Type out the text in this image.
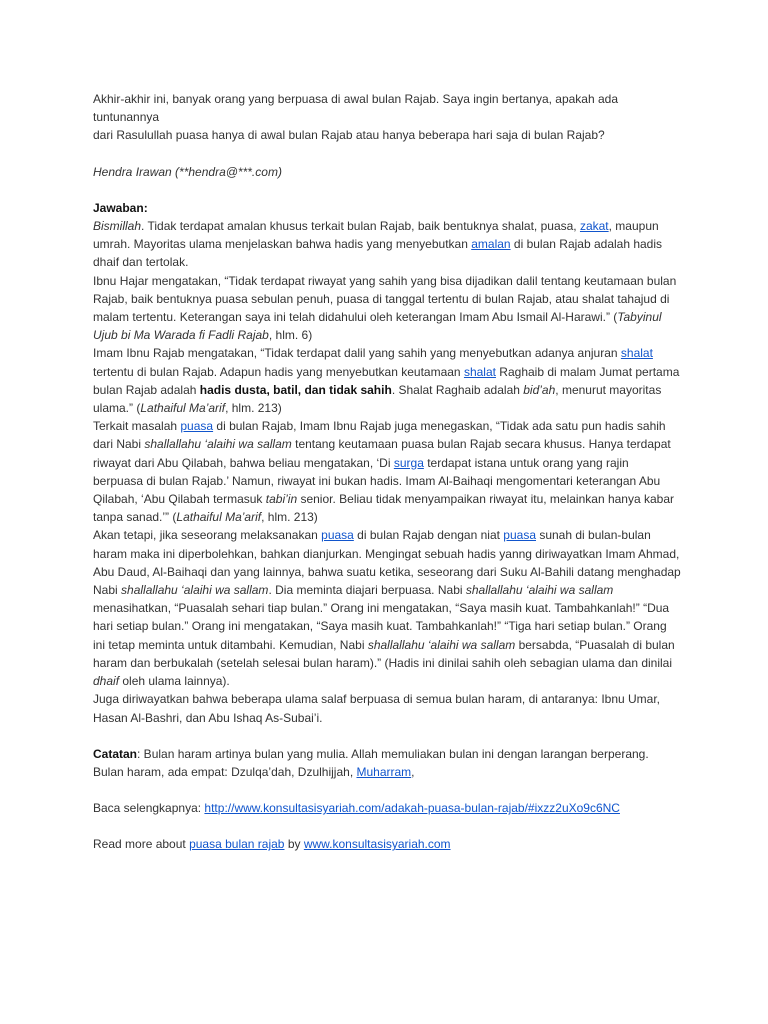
Akhir-akhir ini, banyak orang yang berpuasa di awal bulan Rajab. Saya ingin bertanya, apakah ada tuntunannya
dari Rasulullah puasa hanya di awal bulan Rajab atau hanya beberapa hari saja di bulan Rajab?

Hendra Irawan (**hendra@***.com)

Jawaban:

Bismillah. Tidak terdapat amalan khusus terkait bulan Rajab, baik bentuknya shalat, puasa, zakat, maupun umrah. Mayoritas ulama menjelaskan bahwa hadis yang menyebutkan amalan di bulan Rajab adalah hadis dhaif dan tertolak.

Ibnu Hajar mengatakan, “Tidak terdapat riwayat yang sahih yang bisa dijadikan dalil tentang keutamaan bulan Rajab, baik bentuknya puasa sebulan penuh, puasa di tanggal tertentu di bulan Rajab, atau shalat tahajud di malam tertentu. Keterangan saya ini telah didahului oleh keterangan Imam Abu Ismail Al-Harawi.” (Tabyinul Ujub bi Ma Warada fi Fadli Rajab, hlm. 6)

Imam Ibnu Rajab mengatakan, “Tidak terdapat dalil yang sahih yang menyebutkan adanya anjuran shalat tertentu di bulan Rajab. Adapun hadis yang menyebutkan keutamaan shalat Raghaib di malam Jumat pertama bulan Rajab adalah hadis dusta, batil, dan tidak sahih. Shalat Raghaib adalah bid’ah, menurut mayoritas ulama.” (Lathaiful Ma’arif, hlm. 213)

Terkait masalah puasa di bulan Rajab, Imam Ibnu Rajab juga menegaskan, “Tidak ada satu pun hadis sahih dari Nabi shallallahu ‘alaihi wa sallam tentang keutamaan puasa bulan Rajab secara khusus. Hanya terdapat riwayat dari Abu Qilabah, bahwa beliau mengatakan, ‘Di surga terdapat istana untuk orang yang rajin berpuasa di bulan Rajab.’ Namun, riwayat ini bukan hadis. Imam Al-Baihaqi mengomentari keterangan Abu Qilabah, ‘Abu Qilabah termasuk tabi’in senior. Beliau tidak menyampaikan riwayat itu, melainkan hanya kabar tanpa sanad.’” (Lathaiful Ma’arif, hlm. 213)

Akan tetapi, jika seseorang melaksanakan puasa di bulan Rajab dengan niat puasa sunah di bulan-bulan haram maka ini diperbolehkan, bahkan dianjurkan. Mengingat sebuah hadis yanng diriwayatkan Imam Ahmad, Abu Daud, Al-Baihaqi dan yang lainnya, bahwa suatu ketika, seseorang dari Suku Al-Bahili datang menghadap Nabi shallallahu ‘alaihi wa sallam. Dia meminta diajari berpuasa. Nabi shallallahu ‘alaihi wa sallam menasihatkan, “Puasalah sehari tiap bulan.” Orang ini mengatakan, “Saya masih kuat. Tambahkanlah!” “Dua hari setiap bulan.” Orang ini mengatakan, “Saya masih kuat. Tambahkanlah!” “Tiga hari setiap bulan.” Orang ini tetap meminta untuk ditambahi. Kemudian, Nabi shallallahu ‘alaihi wa sallam bersabda, “Puasalah di bulan haram dan berbukalah (setelah selesai bulan haram).” (Hadis ini dinilai sahih oleh sebagian ulama dan dinilai dhaif oleh ulama lainnya).

Juga diriwayatkan bahwa beberapa ulama salaf berpuasa di semua bulan haram, di antaranya: Ibnu Umar, Hasan Al-Bashri, dan Abu Ishaq As-Subai’i.

Catatan: Bulan haram artinya bulan yang mulia. Allah memuliakan bulan ini dengan larangan berperang. Bulan haram, ada empat: Dzulqa’dah, Dzulhijjah, Muharram,

Baca selengkapnya: http://www.konsultasisyariah.com/adakah-puasa-bulan-rajab/#ixzz2uXo9c6NC

Read more about puasa bulan rajab by www.konsultasisyariah.com
